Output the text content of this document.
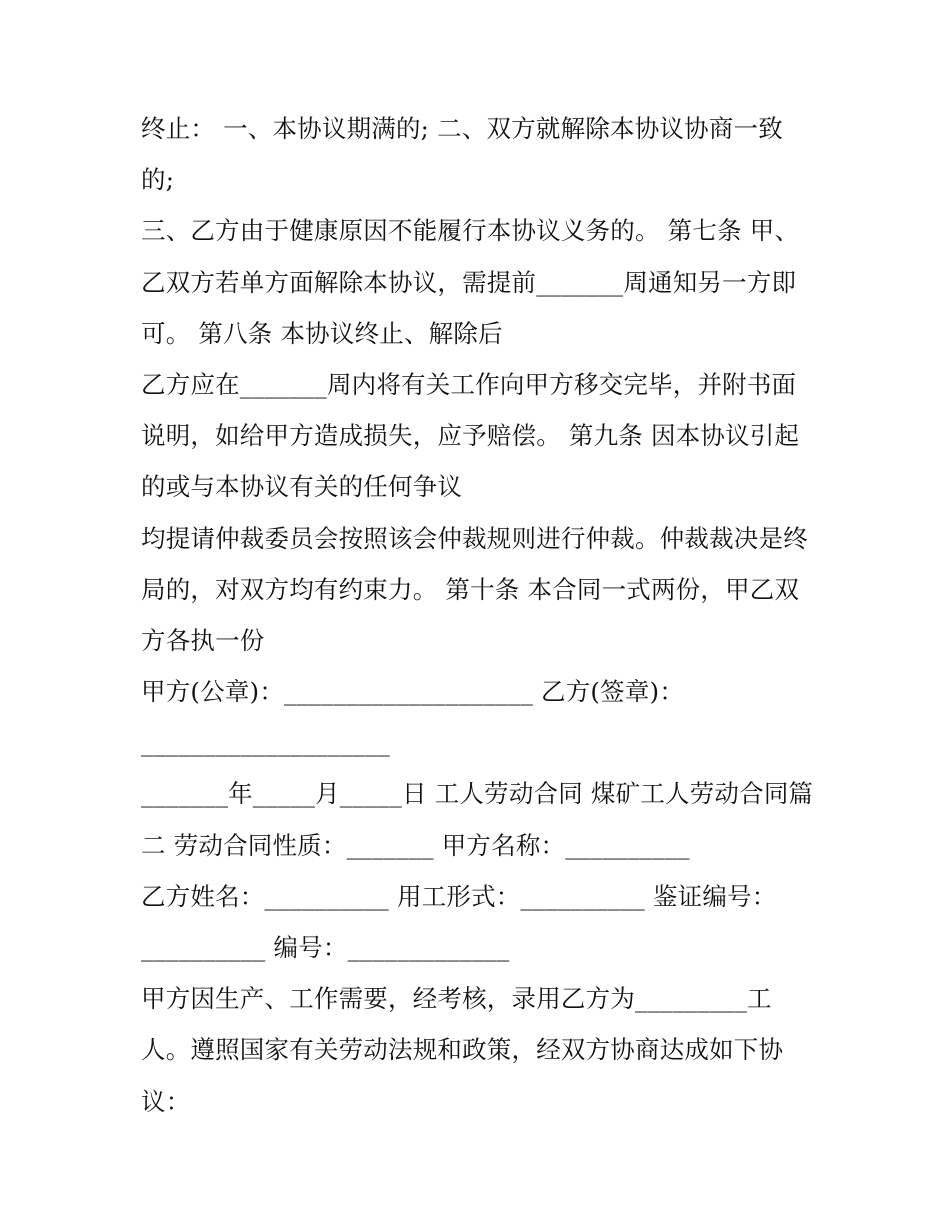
终止： 一、本协议期满的; 二、双方就解除本协议协商一致
的;
三、乙方由于健康原因不能履行本协议义务的。 第七条 甲、
乙双方若单方面解除本协议，需提前_______周通知另一方即
可。 第八条 本协议终止、解除后
乙方应在_______周内将有关工作向甲方移交完毕，并附书面
说明，如给甲方造成损失，应予赔偿。 第九条 因本协议引起
的或与本协议有关的任何争议
均提请仲裁委员会按照该会仲裁规则进行仲裁。仲裁裁决是终
局的，对双方均有约束力。 第十条 本合同一式两份，甲乙双
方各执一份
甲方(公章)：____________________ 乙方(签章)：
____________________
_______年_____月_____日 工人劳动合同 煤矿工人劳动合同篇
二 劳动合同性质：_______ 甲方名称：__________
乙方姓名：__________ 用工形式：__________ 鉴证编号：
__________ 编号：_____________
甲方因生产、工作需要，经考核，录用乙方为_________工
人。遵照国家有关劳动法规和政策，经双方协商达成如下协
议：
